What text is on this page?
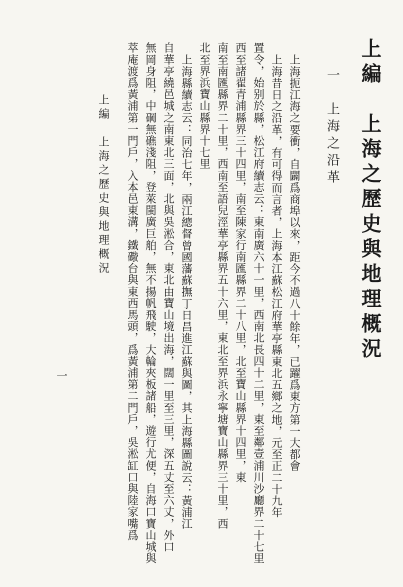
上編　上海之歷史與地理概況
一　上海之沿革
上海扼江海之要衝，自闢爲商埠以來，距今不過八十餘年，已躍爲東方第一大都會
上海昔日之沿革，有可得而言者，上海本江蘇松江府華亭縣東北五鄉之地，元至正二十九年
置令，始别於縣，松江府續志云：東南廣六十一里，西南北長四十二里，東至鄰壹浦川沙廳界二十七里
西至諸翟青浦縣界三十四里，南至陳家行南匯縣界二十八里，北至寶山縣界十四里，東
南至南匯縣界二十里，西南至語兒涇華亭縣界五十六里，東北至界浜永寧塘寶山縣界三十里，西
北至界浜寶山縣界十七里
上海縣續志云：同治七年，兩江總督曾國藩蘇撫丁日昌進江蘇與圖，其上海縣圖說云：黃浦江
自華亭繞邑城之南東北三面，北與吳淞合，東北由寶山境出海，闊一里至三里，深五丈至六丈，外口
無岡身阻，中碙無礁淺阻，登萊閩廣巨舶，無不揚帆飛駛，大輪夾板諸船，遊行尤便，自海口寶山城與
萃庵渡爲黃浦第一門戶，入本邑東溝，鐵礮台與東西馬頭，爲黃浦第二門戶，吳淞缸口與陸家嘴爲
上編　上海之歷史與地理概況
一
